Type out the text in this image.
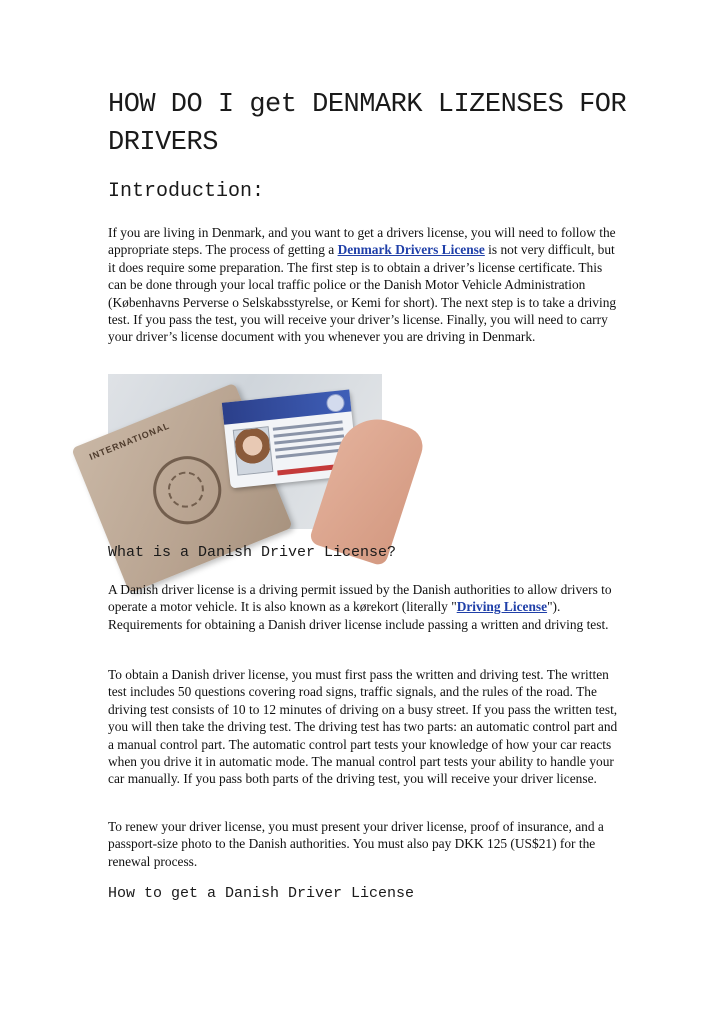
HOW DO I get DENMARK LIZENSES FOR DRIVERS
Introduction:

If you are living in Denmark, and you want to get a drivers license, you will need to follow the appropriate steps. The process of getting a Denmark Drivers License is not very difficult, but it does require some preparation. The first step is to obtain a driver’s license certificate. This can be done through your local traffic police or the Danish Motor Vehicle Administration (Københavns Perverse o Selskabsstyrelse, or Kemi for short). The next step is to take a driving test. If you pass the test, you will receive your driver’s license. Finally, you will need to carry your driver’s license document with you whenever you are driving in Denmark.

INTERNATIONAL
What is a Danish Driver License?

A Danish driver license is a driving permit issued by the Danish authorities to allow drivers to operate a motor vehicle. It is also known as a kørekort (literally "Driving License"). Requirements for obtaining a Danish driver license include passing a written and driving test.

To obtain a Danish driver license, you must first pass the written and driving test. The written test includes 50 questions covering road signs, traffic signals, and the rules of the road. The driving test consists of 10 to 12 minutes of driving on a busy street. If you pass the written test, you will then take the driving test. The driving test has two parts: an automatic control part and a manual control part. The automatic control part tests your knowledge of how your car reacts when you drive it in automatic mode. The manual control part tests your ability to handle your car manually. If you pass both parts of the driving test, you will receive your driver license.

To renew your driver license, you must present your driver license, proof of insurance, and a passport-size photo to the Danish authorities. You must also pay DKK 125 (US$21) for the renewal process.

How to get a Danish Driver License
